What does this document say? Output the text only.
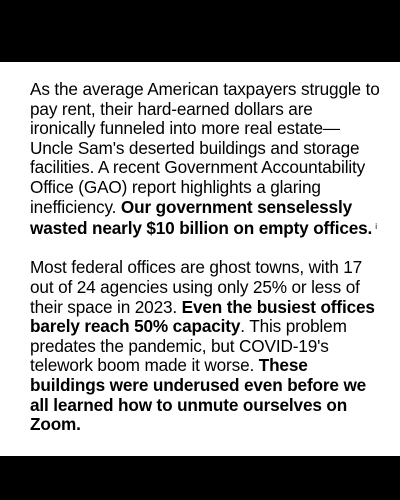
As the average American taxpayers struggle to pay rent, their hard-earned dollars are ironically funneled into more real estate—Uncle Sam's deserted buildings and storage facilities. A recent Government Accountability Office (GAO) report highlights a glaring inefficiency. Our government senselessly wasted nearly $10 billion on empty offices. $^i$

Most federal offices are ghost towns, with 17 out of 24 agencies using only 25% or less of their space in 2023. Even the busiest offices barely reach 50% capacity. This problem predates the pandemic, but COVID-19's telework boom made it worse. These buildings were underused even before we all learned how to unmute ourselves on Zoom.
